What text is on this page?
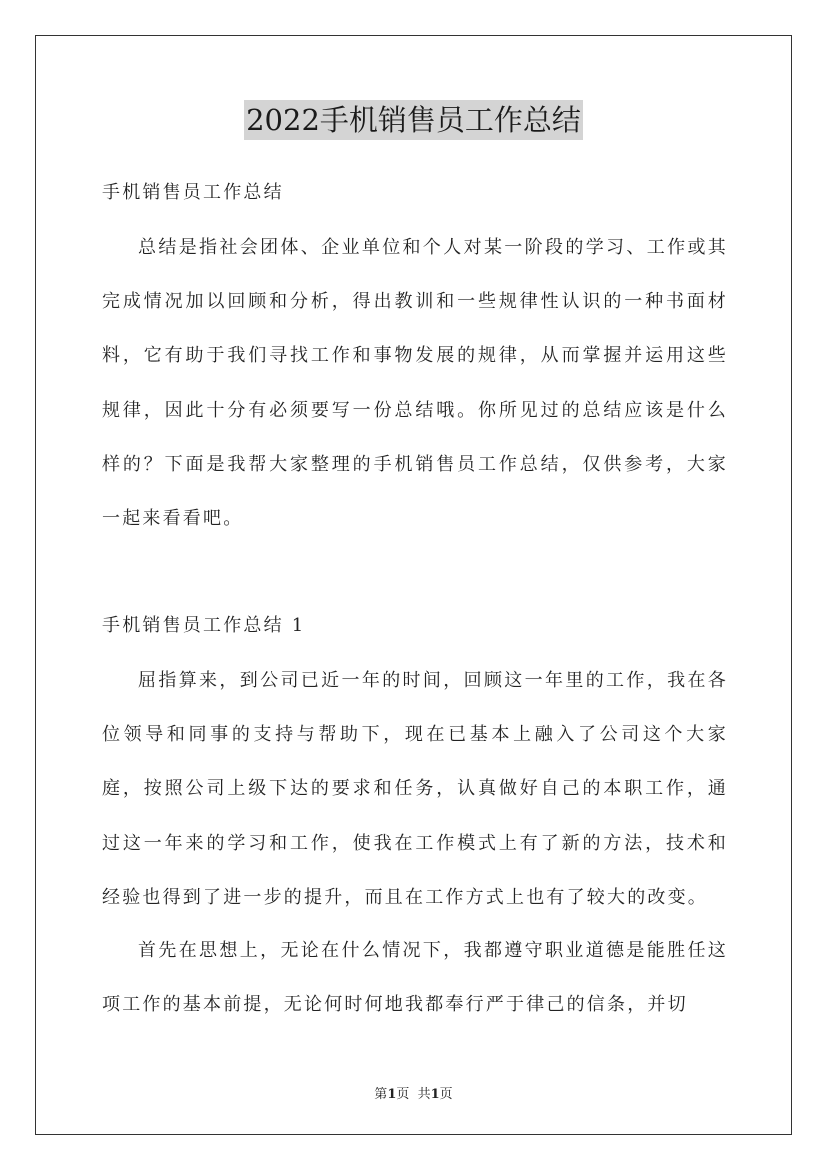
2022手机销售员工作总结
手机销售员工作总结
总结是指社会团体、企业单位和个人对某一阶段的学习、工作或其完成情况加以回顾和分析，得出教训和一些规律性认识的一种书面材料，它有助于我们寻找工作和事物发展的规律，从而掌握并运用这些规律，因此十分有必须要写一份总结哦。你所见过的总结应该是什么样的？下面是我帮大家整理的手机销售员工作总结，仅供参考，大家一起来看看吧。
手机销售员工作总结 1
屈指算来，到公司已近一年的时间，回顾这一年里的工作，我在各位领导和同事的支持与帮助下，现在已基本上融入了公司这个大家庭，按照公司上级下达的要求和任务，认真做好自己的本职工作，通过这一年来的学习和工作，使我在工作模式上有了新的方法，技术和经验也得到了进一步的提升，而且在工作方式上也有了较大的改变。
首先在思想上，无论在什么情况下，我都遵守职业道德是能胜任这项工作的基本前提，无论何时何地我都奉行严于律己的信条，并切
第1页  共1页
